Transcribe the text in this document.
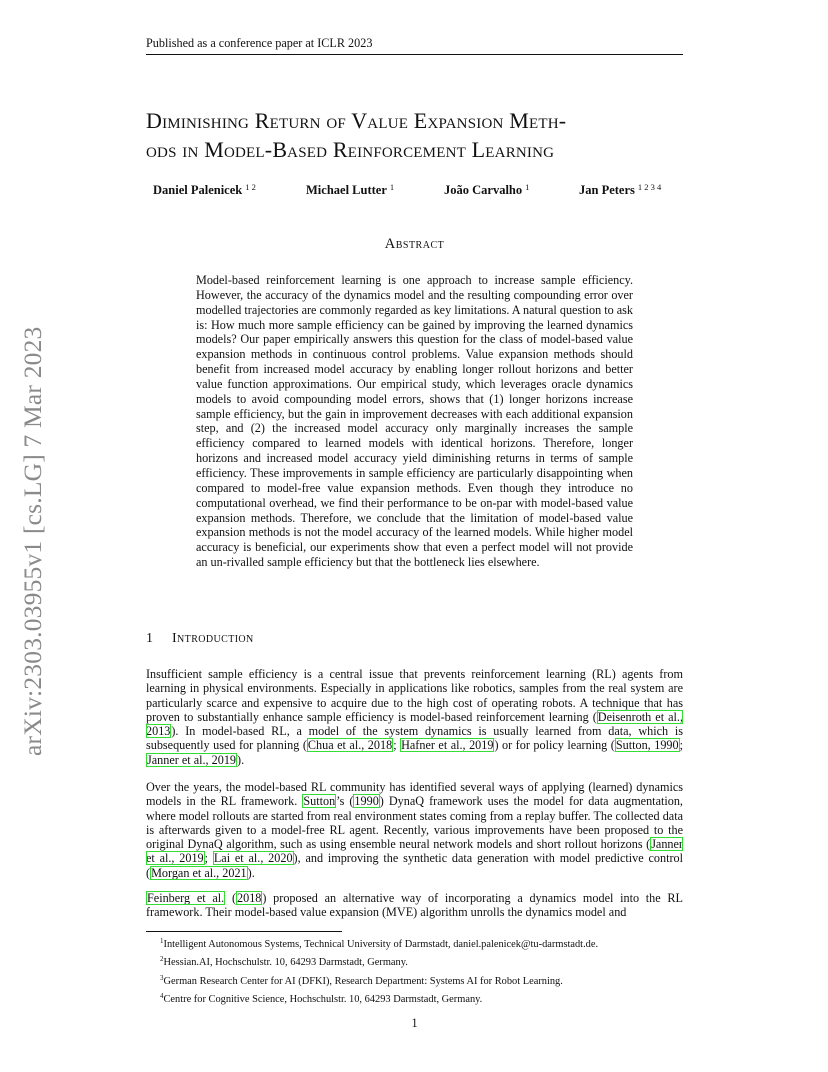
Published as a conference paper at ICLR 2023
Diminishing Return of Value Expansion Meth-
ods in Model-Based Reinforcement Learning
Daniel Palenicek $^{1 2}$	Michael Lutter $^1$	João Carvalho $^1$	Jan Peters $^{1 2 3 4}$
Abstract
Model-based reinforcement learning is one approach to increase sample efficiency. However, the accuracy of the dynamics model and the resulting compounding error over modelled trajectories are commonly regarded as key limitations. A natural question to ask is: How much more sample efficiency can be gained by improving the learned dynamics models? Our paper empirically answers this question for the class of model-based value expansion methods in continuous control problems. Value expansion methods should benefit from increased model accuracy by enabling longer rollout horizons and better value function approximations. Our empirical study, which leverages oracle dynamics models to avoid compounding model errors, shows that (1) longer horizons increase sample efficiency, but the gain in improvement decreases with each additional expansion step, and (2) the increased model accuracy only marginally increases the sample efficiency compared to learned models with identical horizons. Therefore, longer horizons and increased model accuracy yield diminishing returns in terms of sample efficiency. These improvements in sample efficiency are particularly disappointing when compared to model-free value expansion methods. Even though they introduce no computational overhead, we find their performance to be on-par with model-based value expansion methods. Therefore, we conclude that the limitation of model-based value expansion methods is not the model accuracy of the learned models. While higher model accuracy is beneficial, our experiments show that even a perfect model will not provide an un-rivalled sample efficiency but that the bottleneck lies elsewhere.
arXiv:2303.03955v1 [cs.LG] 7 Mar 2023	1 Introduction
Insufficient sample efficiency is a central issue that prevents reinforcement learning (RL) agents from learning in physical environments. Especially in applications like robotics, samples from the real system are particularly scarce and expensive to acquire due to the high cost of operating robots. A technique that has proven to substantially enhance sample efficiency is model-based reinforcement learning (Deisenroth et al., 2013). In model-based RL, a model of the system dynamics is usually learned from data, which is subsequently used for planning (Chua et al., 2018; Hafner et al., 2019) or for policy learning (Sutton, 1990; Janner et al., 2019).
Over the years, the model-based RL community has identified several ways of applying (learned) dynamics models in the RL framework. Sutton’s (1990) DynaQ framework uses the model for data augmentation, where model rollouts are started from real environment states coming from a replay buffer. The collected data is afterwards given to a model-free RL agent. Recently, various improvements have been proposed to the original DynaQ algorithm, such as using ensemble neural network models and short rollout horizons (Janner et al., 2019; Lai et al., 2020), and improving the synthetic data generation with model predictive control (Morgan et al., 2021).
Feinberg et al. (2018) proposed an alternative way of incorporating a dynamics model into the RL framework. Their model-based value expansion (MVE) algorithm unrolls the dynamics model and
$^1$Intelligent Autonomous Systems, Technical University of Darmstadt, daniel.palenicek@tu-darmstadt.de.
$^2$Hessian.AI, Hochschulstr. 10, 64293 Darmstadt, Germany.
$^3$German Research Center for AI (DFKI), Research Department: Systems AI for Robot Learning.
$^4$Centre for Cognitive Science, Hochschulstr. 10, 64293 Darmstadt, Germany.
1
